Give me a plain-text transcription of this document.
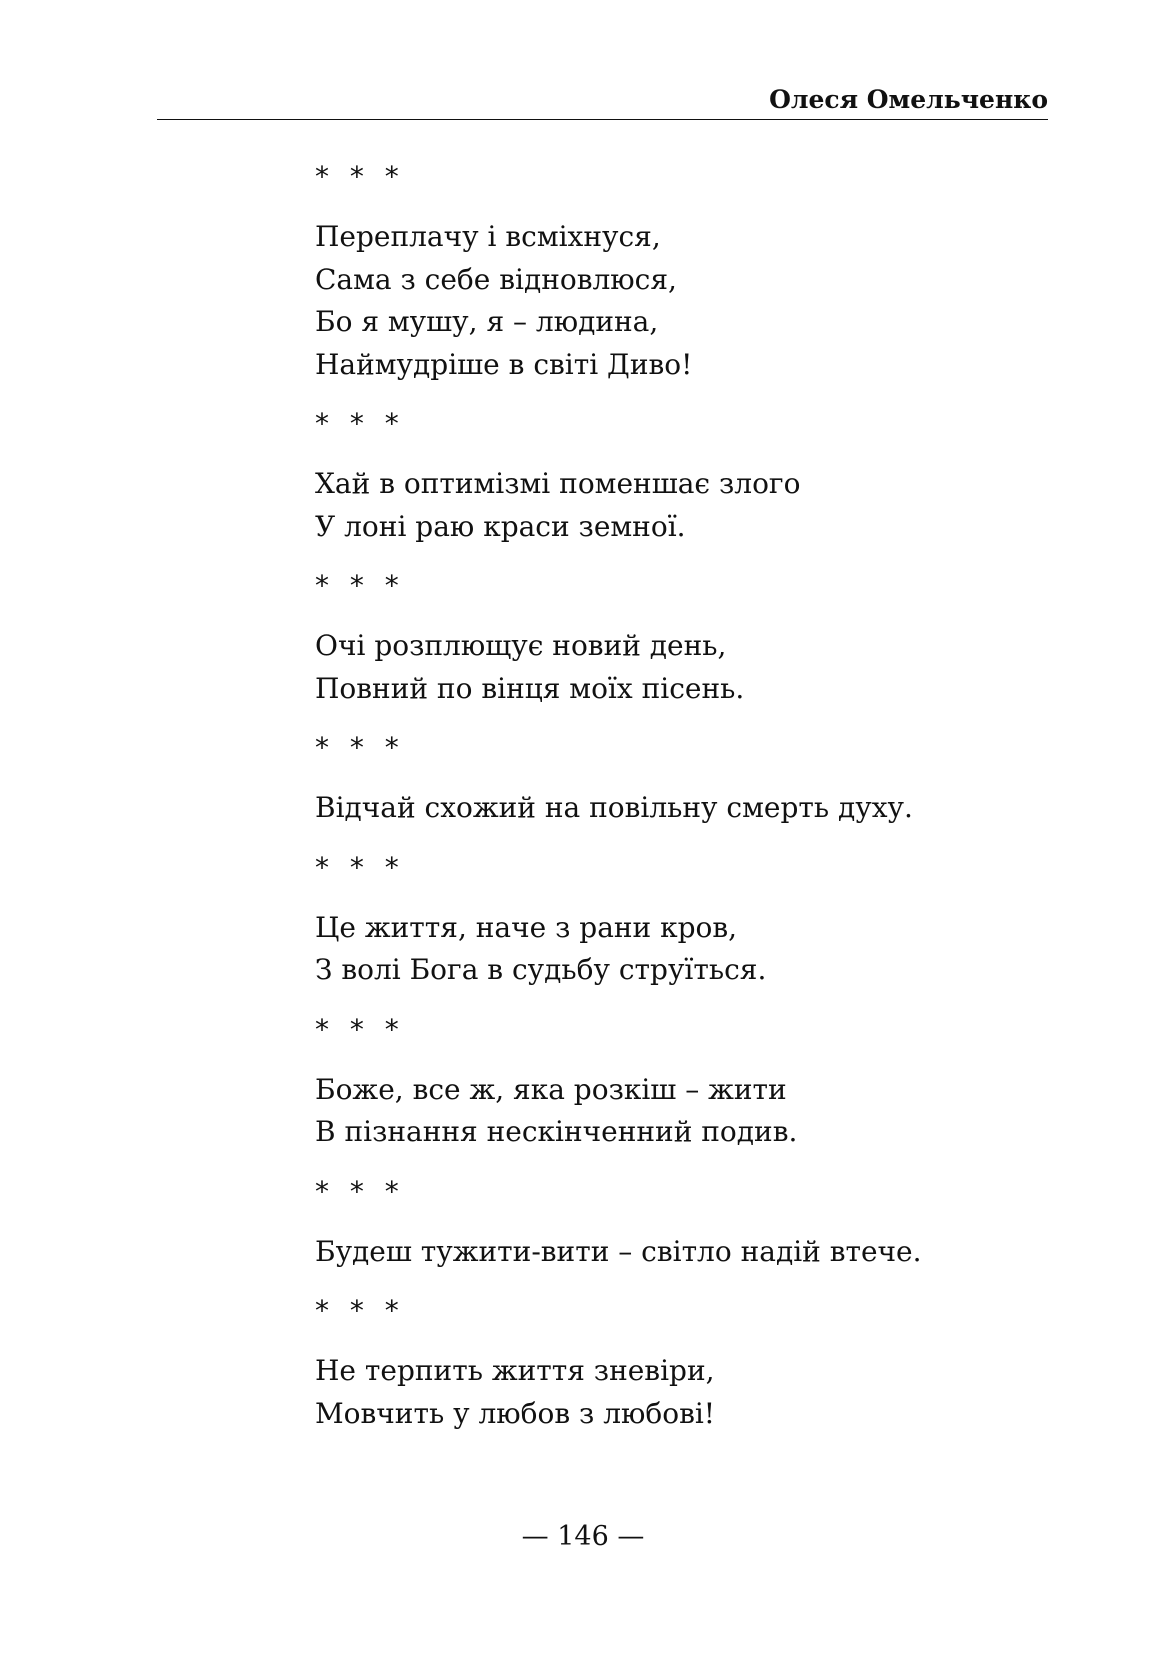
Олеся Омельченко
* * *
Переплачу і всміхнуся,
Сама з себе відновлюся,
Бо я мушу, я – людина,
Наймудріше в світі Диво!
* * *
Хай в оптимізмі поменшає злого
У лоні раю краси земної.
* * *
Очі розплющує новий день,
Повний по вінця моїх пісень.
* * *
Відчай схожий на повільну смерть духу.
* * *
Це життя, наче з рани кров,
З волі Бога в судьбу струїться.
* * *
Боже, все ж, яка розкіш – жити
В пізнання нескінченний подив.
* * *
Будеш тужити-вити – світло надій втече.
* * *
Не терпить життя зневіри,
Мовчить у любов з любові!
— 146 —
